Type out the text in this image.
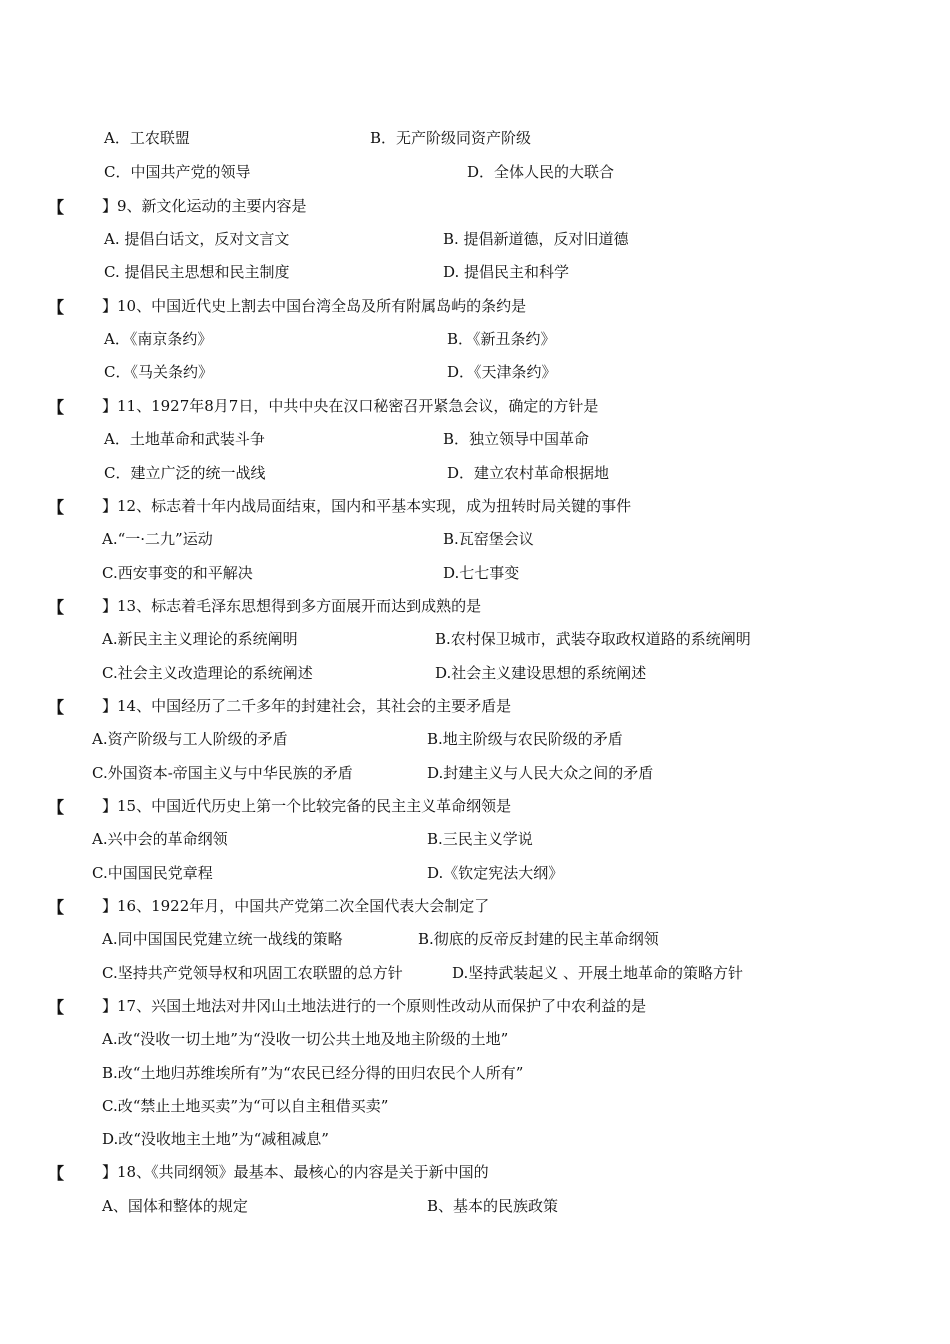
A．工农联盟	B．无产阶级同资产阶级
C．中国共产党的领导	D．全体人民的大联合
【	】9、新文化运动的主要内容是
A. 提倡白话文，反对文言文	B. 提倡新道德，反对旧道德
C. 提倡民主思想和民主制度	D. 提倡民主和科学
【	】10、中国近代史上割去中国台湾全岛及所有附属岛屿的条约是
A．《南京条约》	B．《新丑条约》
C．《马关条约》	D．《天津条约》
【	】11、1927年8月7日，中共中央在汉口秘密召开紧急会议，确定的方针是
A．土地革命和武装斗争	B．独立领导中国革命
C．建立广泛的统一战线	D．建立农村革命根据地
【	】12、标志着十年内战局面结束，国内和平基本实现，成为扭转时局关键的事件
A.“一·二九”运动	B.瓦窑堡会议
C.西安事变的和平解决	D.七七事变
【	】13、标志着毛泽东思想得到多方面展开而达到成熟的是
A.新民主主义理论的系统阐明	B.农村保卫城市，武装夺取政权道路的系统阐明
C.社会主义改造理论的系统阐述	D.社会主义建设思想的系统阐述
【	】14、中国经历了二千多年的封建社会，其社会的主要矛盾是
A.资产阶级与工人阶级的矛盾	B.地主阶级与农民阶级的矛盾
C.外国资本-帝国主义与中华民族的矛盾	D.封建主义与人民大众之间的矛盾
【	】15、中国近代历史上第一个比较完备的民主主义革命纲领是
A.兴中会的革命纲领	B.三民主义学说
C.中国国民党章程	D.《钦定宪法大纲》
【	】16、1922年月，中国共产党第二次全国代表大会制定了
A.同中国国民党建立统一战线的策略	B.彻底的反帝反封建的民主革命纲领
C.坚持共产党领导权和巩固工农联盟的总方针	D.坚持武装起义 、开展土地革命的策略方针
【	】17、兴国土地法对井冈山土地法进行的一个原则性改动从而保护了中农利益的是
A.改“没收一切土地”为“没收一切公共土地及地主阶级的土地”
B.改“土地归苏维埃所有”为“农民已经分得的田归农民个人所有”
C.改“禁止土地买卖”为“可以自主租借买卖”
D.改“没收地主土地”为“减租减息”
【	】18、《共同纲领》最基本、最核心的内容是关于新中国的
A、国体和整体的规定	B、基本的民族政策
